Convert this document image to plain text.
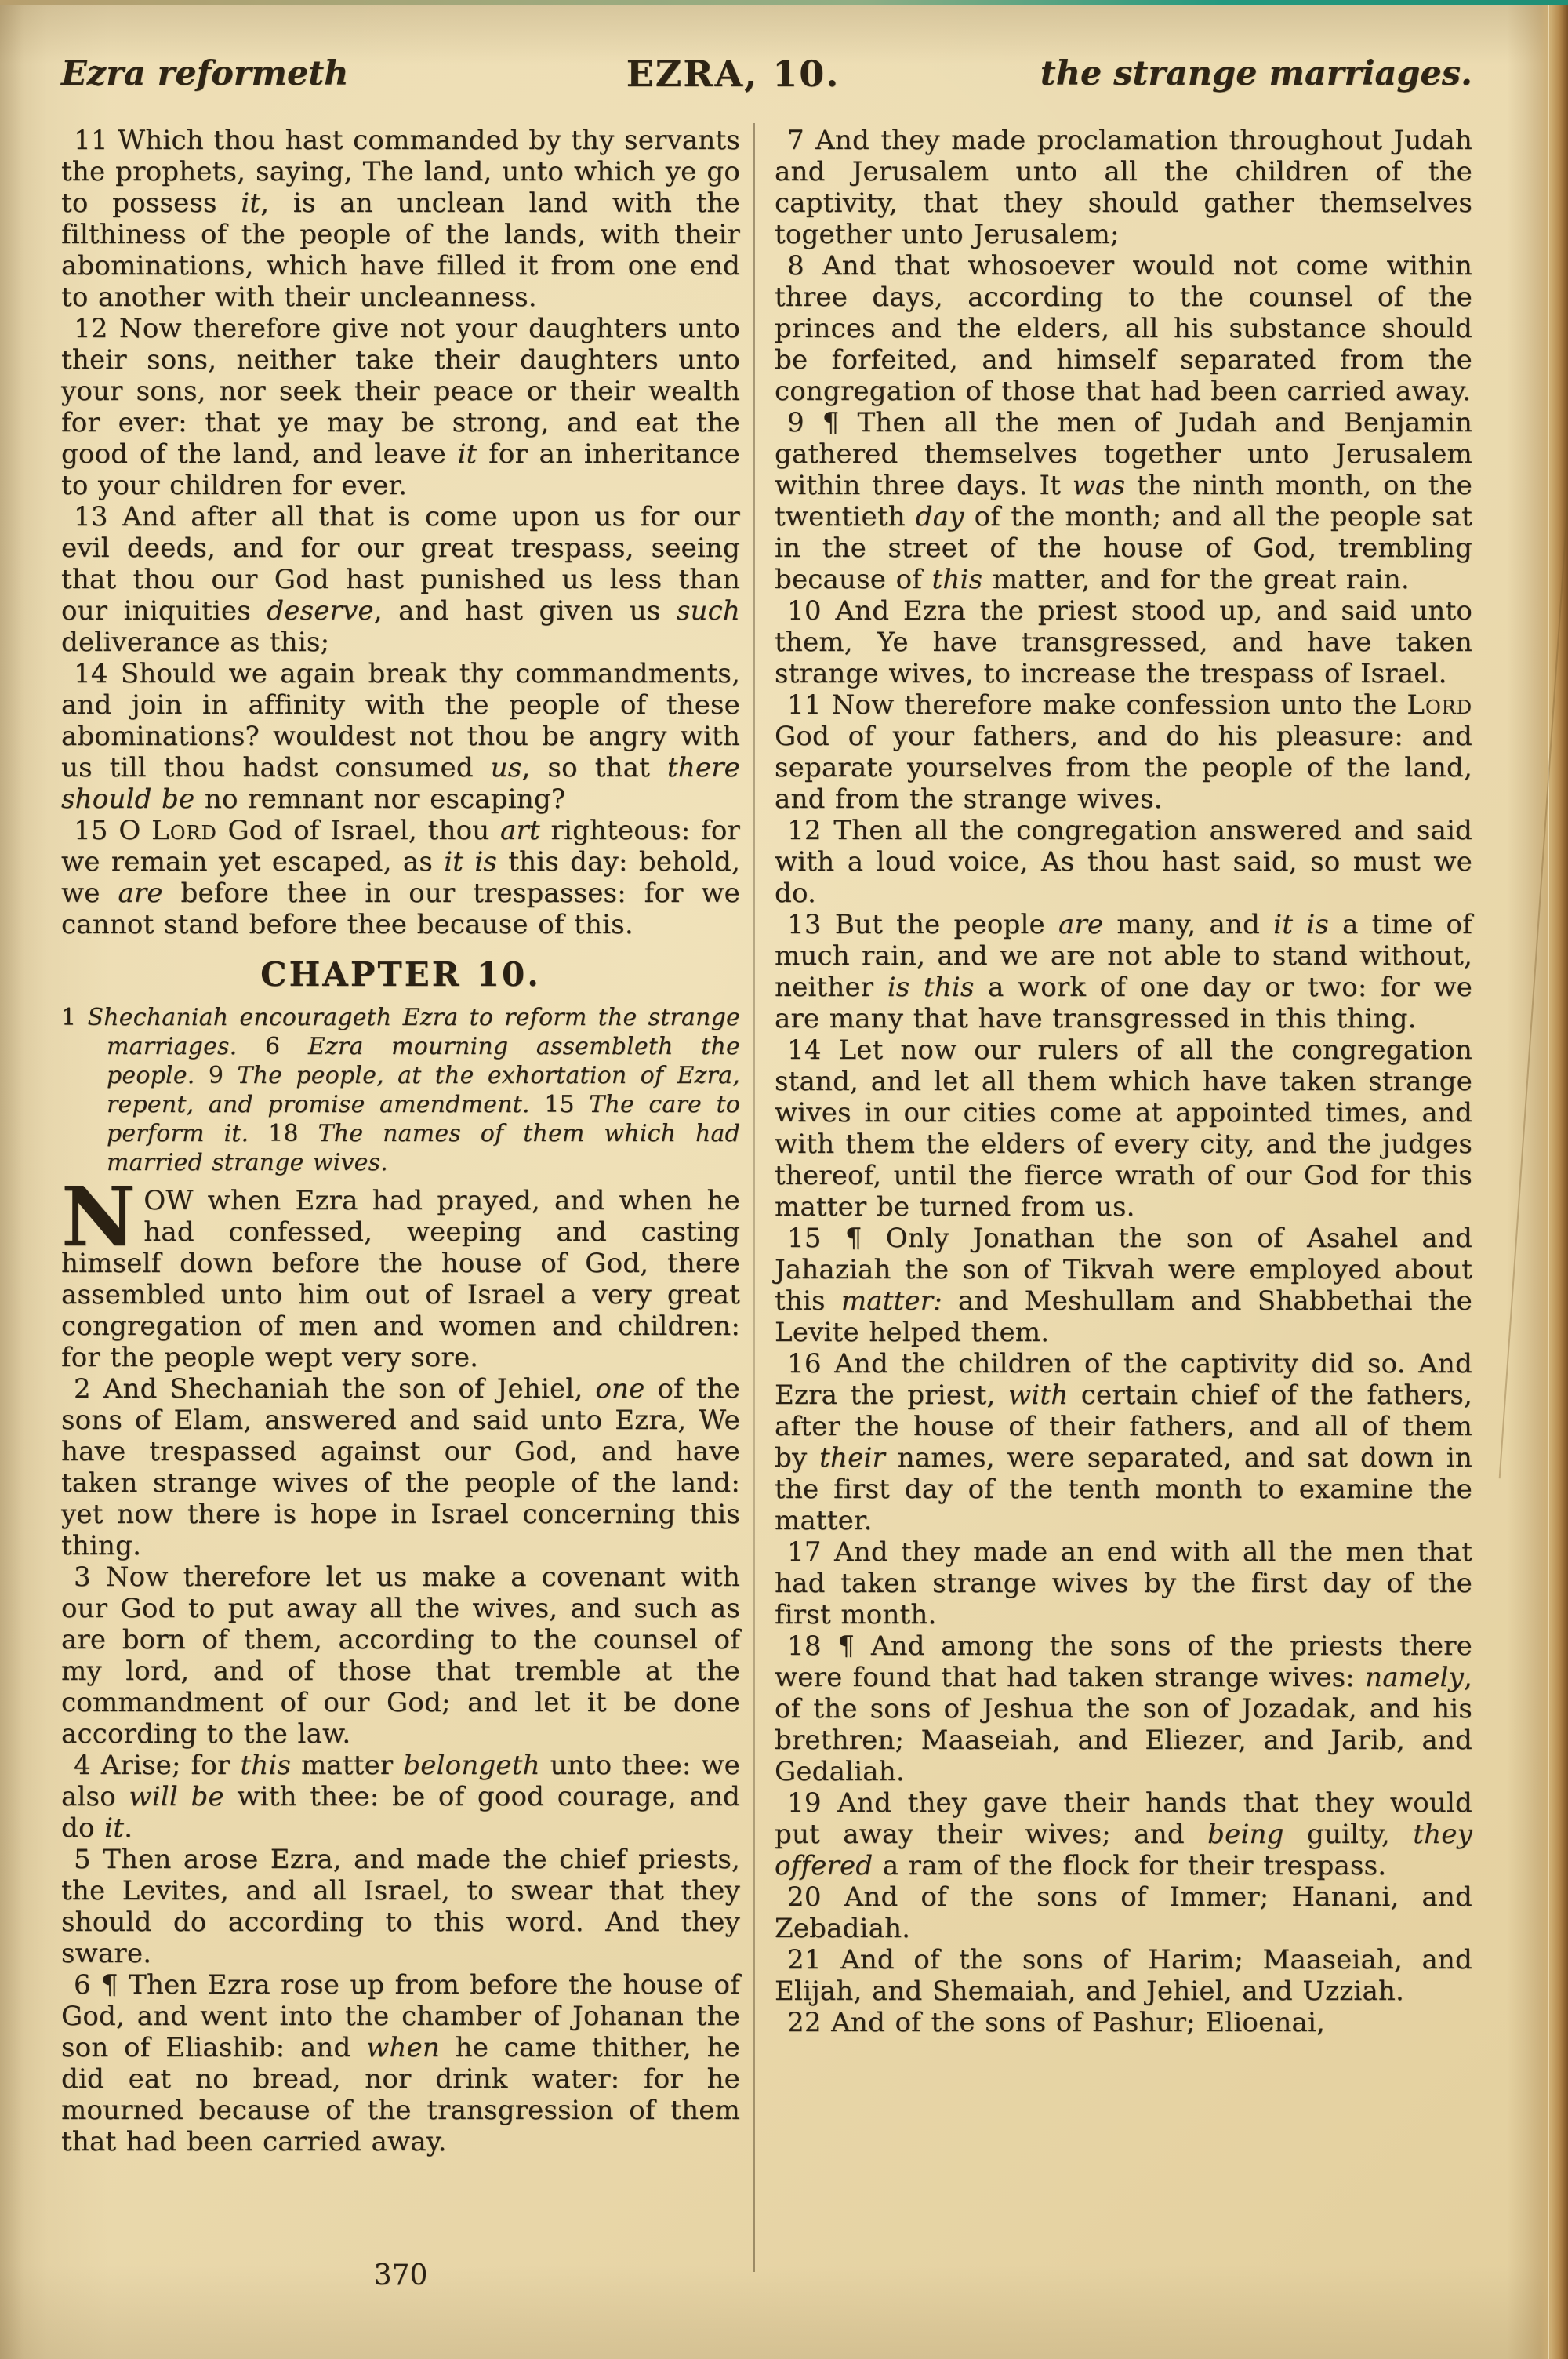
Ezra reformeth	EZRA, 10.	the strange marriages.

11 Which thou hast commanded by thy servants the prophets, saying, The land, unto which ye go to possess it, is an unclean land with the filthiness of the people of the lands, with their abominations, which have filled it from one end to another with their uncleanness.

12 Now therefore give not your daughters unto their sons, neither take their daughters unto your sons, nor seek their peace or their wealth for ever: that ye may be strong, and eat the good of the land, and leave it for an inheritance to your children for ever.

13 And after all that is come upon us for our evil deeds, and for our great trespass, seeing that thou our God hast punished us less than our iniquities deserve, and hast given us such deliverance as this;

14 Should we again break thy commandments, and join in affinity with the people of these abominations? wouldest not thou be angry with us till thou hadst consumed us, so that there should be no remnant nor escaping?

15 O Lord God of Israel, thou art righteous: for we remain yet escaped, as it is this day: behold, we are before thee in our trespasses: for we cannot stand before thee because of this.

CHAPTER 10.

1 Shechaniah encourageth Ezra to reform the strange marriages. 6 Ezra mourning assembleth the people. 9 The people, at the exhortation of Ezra, repent, and promise amendment. 15 The care to perform it. 18 The names of them which had married strange wives.

NOW when Ezra had prayed, and when he had confessed, weeping and casting himself down before the house of God, there assembled unto him out of Israel a very great congregation of men and women and children: for the people wept very sore.

2 And Shechaniah the son of Jehiel, one of the sons of Elam, answered and said unto Ezra, We have trespassed against our God, and have taken strange wives of the people of the land: yet now there is hope in Israel concerning this thing.

3 Now therefore let us make a covenant with our God to put away all the wives, and such as are born of them, according to the counsel of my lord, and of those that tremble at the commandment of our God; and let it be done according to the law.

4 Arise; for this matter belongeth unto thee: we also will be with thee: be of good courage, and do it.

5 Then arose Ezra, and made the chief priests, the Levites, and all Israel, to swear that they should do according to this word. And they sware.

6 ¶ Then Ezra rose up from before the house of God, and went into the chamber of Johanan the son of Eliashib: and when he came thither, he did eat no bread, nor drink water: for he mourned because of the transgression of them that had been carried away.

7 And they made proclamation throughout Judah and Jerusalem unto all the children of the captivity, that they should gather themselves together unto Jerusalem;

8 And that whosoever would not come within three days, according to the counsel of the princes and the elders, all his substance should be forfeited, and himself separated from the congregation of those that had been carried away.

9 ¶ Then all the men of Judah and Benjamin gathered themselves together unto Jerusalem within three days. It was the ninth month, on the twentieth day of the month; and all the people sat in the street of the house of God, trembling because of this matter, and for the great rain.

10 And Ezra the priest stood up, and said unto them, Ye have transgressed, and have taken strange wives, to increase the trespass of Israel.

11 Now therefore make confession unto the Lord God of your fathers, and do his pleasure: and separate yourselves from the people of the land, and from the strange wives.

12 Then all the congregation answered and said with a loud voice, As thou hast said, so must we do.

13 But the people are many, and it is a time of much rain, and we are not able to stand without, neither is this a work of one day or two: for we are many that have transgressed in this thing.

14 Let now our rulers of all the congregation stand, and let all them which have taken strange wives in our cities come at appointed times, and with them the elders of every city, and the judges thereof, until the fierce wrath of our God for this matter be turned from us.

15 ¶ Only Jonathan the son of Asahel and Jahaziah the son of Tikvah were employed about this matter: and Meshullam and Shabbethai the Levite helped them.

16 And the children of the captivity did so. And Ezra the priest, with certain chief of the fathers, after the house of their fathers, and all of them by their names, were separated, and sat down in the first day of the tenth month to examine the matter.

17 And they made an end with all the men that had taken strange wives by the first day of the first month.

18 ¶ And among the sons of the priests there were found that had taken strange wives: namely, of the sons of Jeshua the son of Jozadak, and his brethren; Maaseiah, and Eliezer, and Jarib, and Gedaliah.

19 And they gave their hands that they would put away their wives; and being guilty, they offered a ram of the flock for their trespass.

20 And of the sons of Immer; Hanani, and Zebadiah.

21 And of the sons of Harim; Maaseiah, and Elijah, and Shemaiah, and Jehiel, and Uzziah.

22 And of the sons of Pashur; Elioenai,

370
